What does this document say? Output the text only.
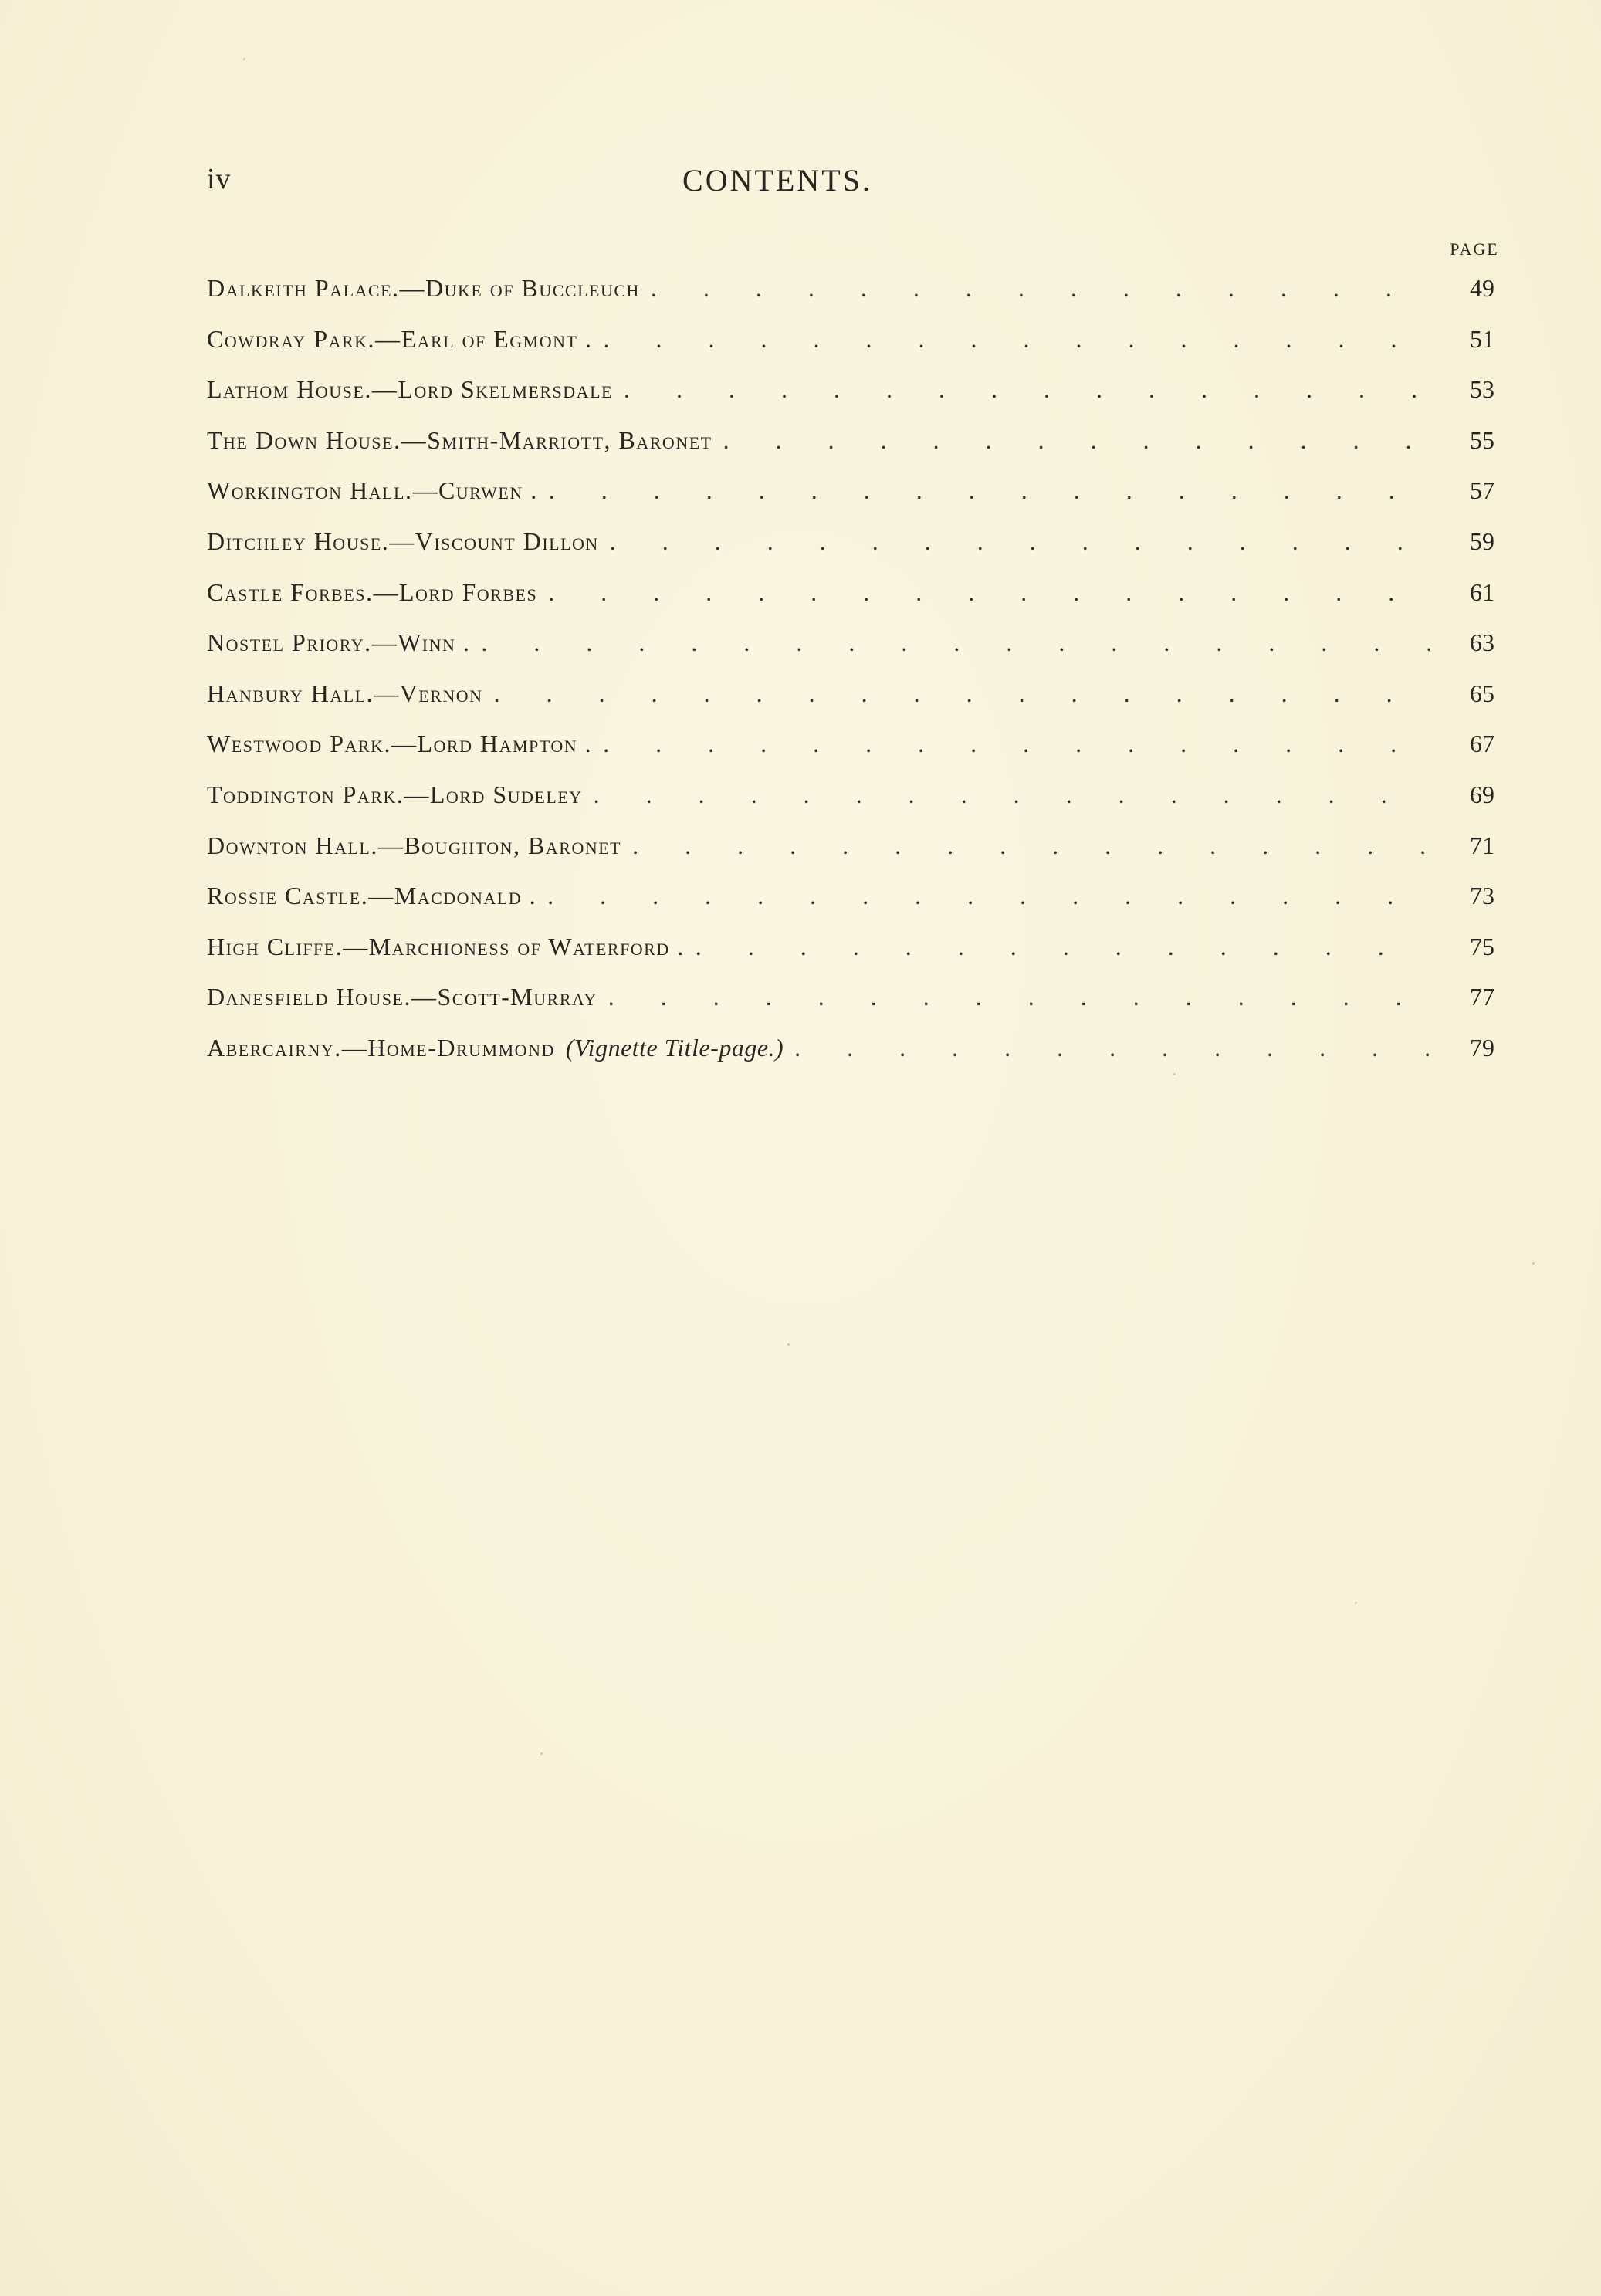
iv	CONTENTS.
PAGE
Dalkeith Palace.—Duke of Buccleuch . . .	49
Cowdray Park.—Earl of Egmont . . . .	51
Lathom House.—Lord Skelmersdale . . .	53
The Down House.—Smith-Marriott, Baronet . . .	55
Workington Hall.—Curwen . . . .	57
Ditchley House.—Viscount Dillon . . .	59
Castle Forbes.—Lord Forbes . . .	61
Nostel Priory.—Winn . . . .	63
Hanbury Hall.—Vernon . . .	65
Westwood Park.—Lord Hampton . . . .	67
Toddington Park.—Lord Sudeley . . .	69
Downton Hall.—Boughton, Baronet . . .	71
Rossie Castle.—Macdonald . . . .	73
High Cliffe.—Marchioness of Waterford . . . .	75
Danesfield House.—Scott-Murray . . .	77
Abercairny.—Home-Drummond (Vignette Title-page.) . . .	79
